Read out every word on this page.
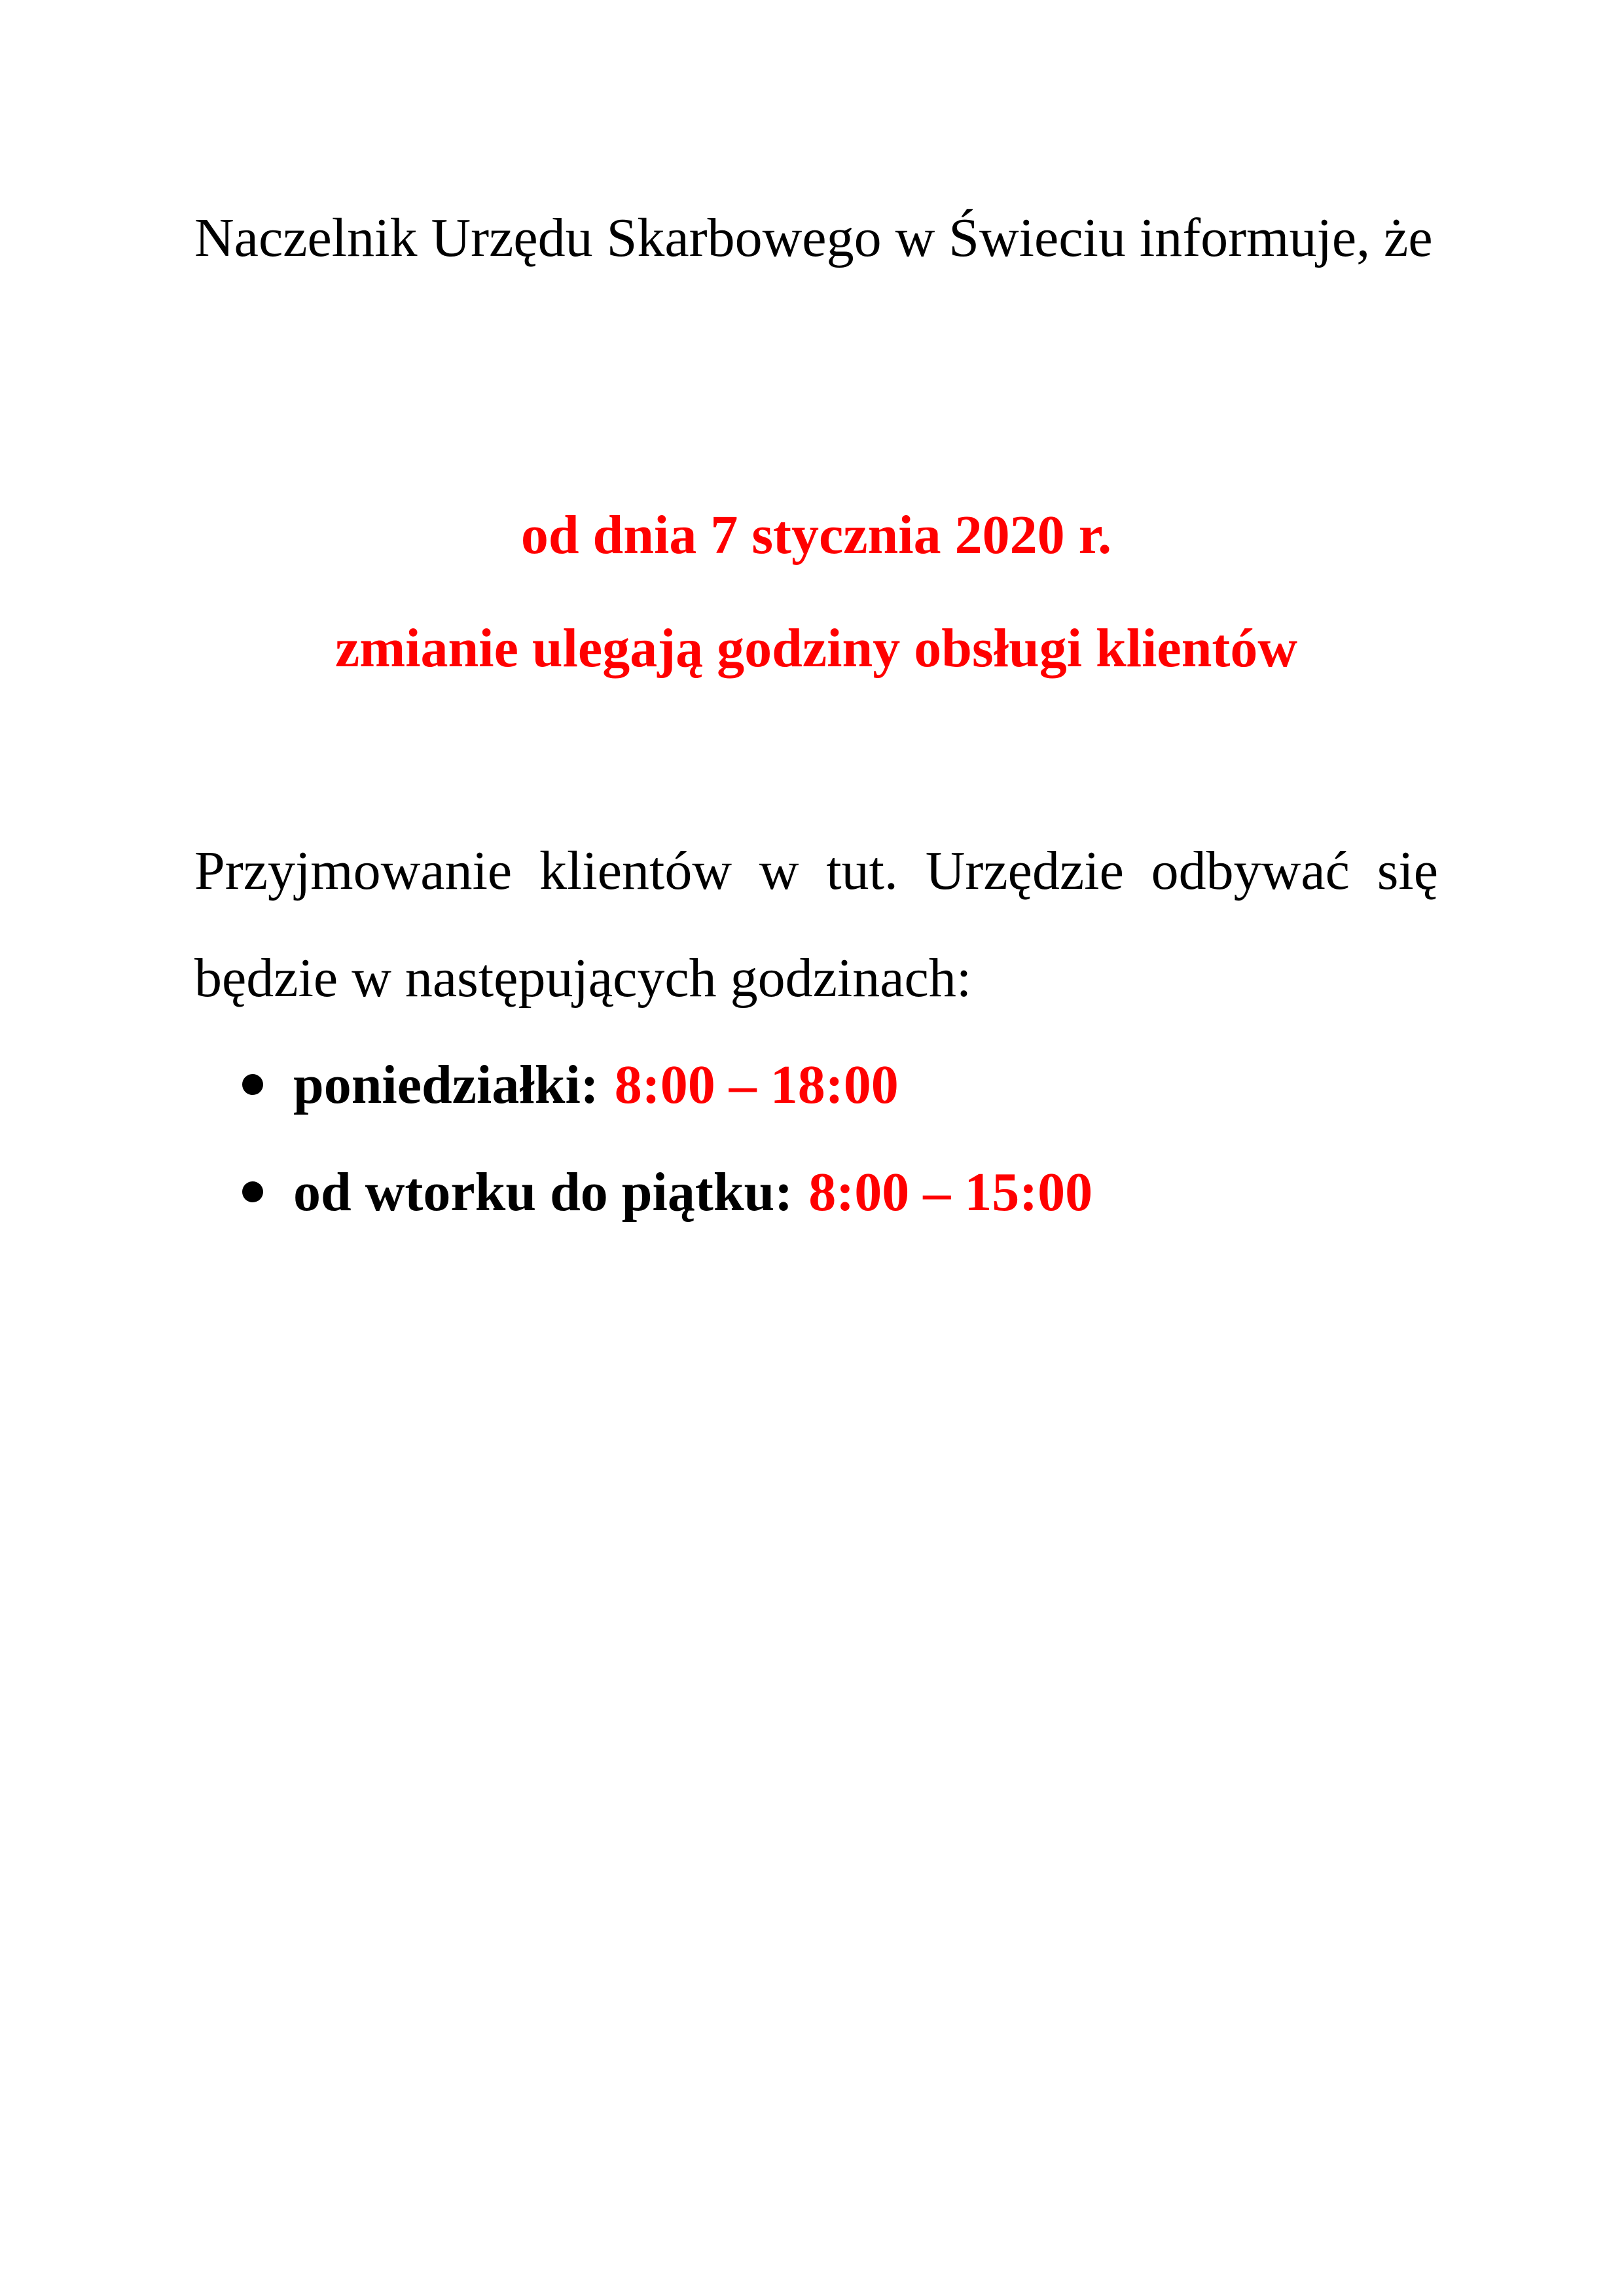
Naczelnik Urzędu Skarbowego w Świeciu informuje, że

od dnia 7 stycznia 2020 r.

zmianie ulegają godziny obsługi klientów

Przyjmowanie klientów w tut. Urzędzie odbywać się będzie w następujących godzinach:

poniedziałki: 8:00 – 18:00
od wtorku do piątku: 8:00 – 15:00
